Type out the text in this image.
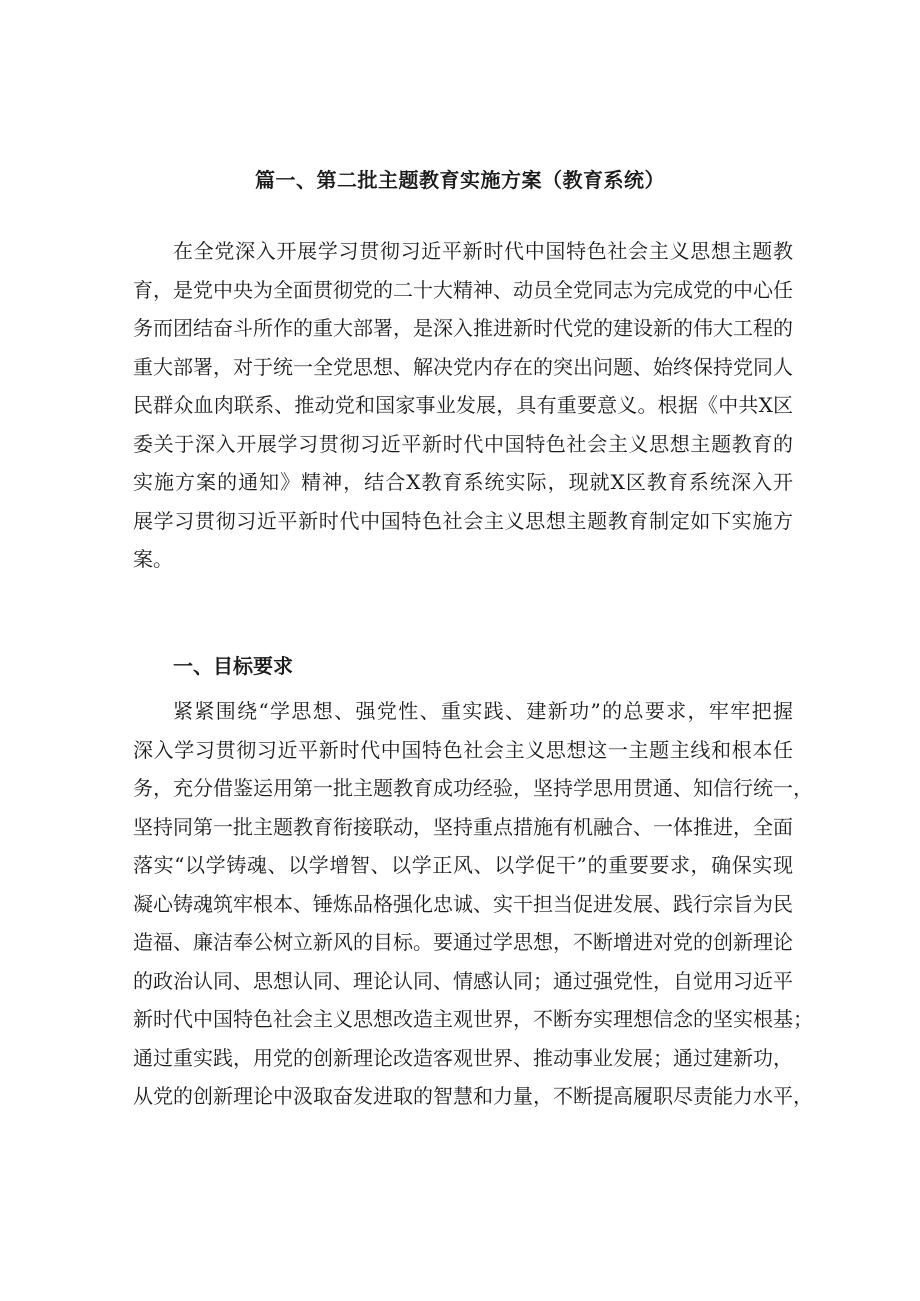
篇一、第二批主题教育实施方案（教育系统）
在全党深入开展学习贯彻习近平新时代中国特色社会主义思想主题教
育，是党中央为全面贯彻党的二十大精神、动员全党同志为完成党的中心任
务而团结奋斗所作的重大部署，是深入推进新时代党的建设新的伟大工程的
重大部署，对于统一全党思想、解决党内存在的突出问题、始终保持党同人
民群众血肉联系、推动党和国家事业发展，具有重要意义。根据《中共X区
委关于深入开展学习贯彻习近平新时代中国特色社会主义思想主题教育的
实施方案的通知》精神，结合X教育系统实际，现就X区教育系统深入开
展学习贯彻习近平新时代中国特色社会主义思想主题教育制定如下实施方
案。
一、目标要求
紧紧围绕“学思想、强党性、重实践、建新功”的总要求，牢牢把握
深入学习贯彻习近平新时代中国特色社会主义思想这一主题主线和根本任
务，充分借鉴运用第一批主题教育成功经验，坚持学思用贯通、知信行统一，
坚持同第一批主题教育衔接联动，坚持重点措施有机融合、一体推进，全面
落实“以学铸魂、以学增智、以学正风、以学促干”的重要要求，确保实现
凝心铸魂筑牢根本、锤炼品格强化忠诚、实干担当促进发展、践行宗旨为民
造福、廉洁奉公树立新风的目标。要通过学思想，不断增进对党的创新理论
的政治认同、思想认同、理论认同、情感认同；通过强党性，自觉用习近平
新时代中国特色社会主义思想改造主观世界，不断夯实理想信念的坚实根基；
通过重实践，用党的创新理论改造客观世界、推动事业发展；通过建新功，
从党的创新理论中汲取奋发进取的智慧和力量，不断提高履职尽责能力水平，
